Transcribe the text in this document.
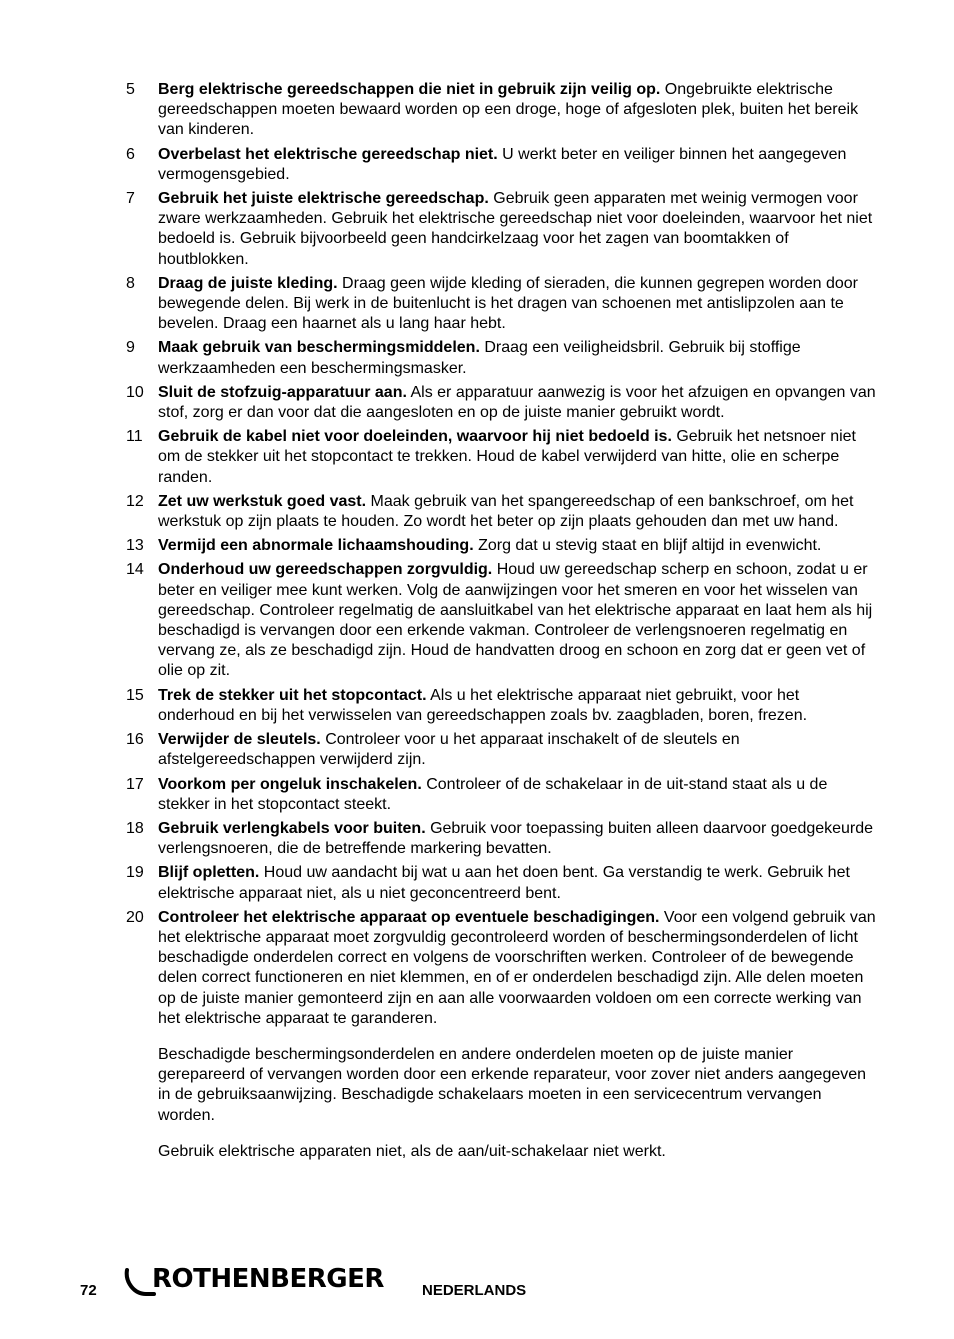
5	Berg elektrische gereedschappen die niet in gebruik zijn veilig op. Ongebruikte elektrische gereedschappen moeten bewaard worden op een droge, hoge of afgesloten plek, buiten het bereik van kinderen.
6	Overbelast het elektrische gereedschap niet. U werkt beter en veiliger binnen het aangegeven vermogensgebied.
7	Gebruik het juiste elektrische gereedschap. Gebruik geen apparaten met weinig vermogen voor zware werkzaamheden. Gebruik het elektrische gereedschap niet voor doeleinden, waarvoor het niet bedoeld is. Gebruik bijvoorbeeld geen handcirkelzaag voor het zagen van boomtakken of houtblokken.
8	Draag de juiste kleding. Draag geen wijde kleding of sieraden, die kunnen gegrepen worden door bewegende delen. Bij werk in de buitenlucht is het dragen van schoenen met antislipzolen aan te bevelen. Draag een haarnet als u lang haar hebt.
9	Maak gebruik van beschermingsmiddelen. Draag een veiligheidsbril. Gebruik bij stoffige werkzaamheden een beschermingsmasker.
10 Sluit de stofzuig-apparatuur aan. Als er apparatuur aanwezig is voor het afzuigen en opvangen van stof, zorg er dan voor dat die aangesloten en op de juiste manier gebruikt wordt.
11 Gebruik de kabel niet voor doeleinden, waarvoor hij niet bedoeld is. Gebruik het netsnoer niet om de stekker uit het stopcontact te trekken. Houd de kabel verwijderd van hitte, olie en scherpe randen.
12 Zet uw werkstuk goed vast. Maak gebruik van het spangereedschap of een bankschroef, om het werkstuk op zijn plaats te houden. Zo wordt het beter op zijn plaats gehouden dan met uw hand.
13 Vermijd een abnormale lichaamshouding. Zorg dat u stevig staat en blijf altijd in evenwicht.
14 Onderhoud uw gereedschappen zorgvuldig. Houd uw gereedschap scherp en schoon, zodat u er beter en veiliger mee kunt werken. Volg de aanwijzingen voor het smeren en voor het wisselen van gereedschap. Controleer regelmatig de aansluitkabel van het elektrische apparaat en laat hem als hij beschadigd is vervangen door een erkende vakman. Controleer de verlengsnoeren regelmatig en vervang ze, als ze beschadigd zijn. Houd de handvatten droog en schoon en zorg dat er geen vet of olie op zit.
15 Trek de stekker uit het stopcontact. Als u het elektrische apparaat niet gebruikt, voor het onderhoud en bij het verwisselen van gereedschappen zoals bv. zaagbladen, boren, frezen.
16 Verwijder de sleutels. Controleer voor u het apparaat inschakelt of de sleutels en afstelgereedschappen verwijderd zijn.
17 Voorkom per ongeluk inschakelen. Controleer of de schakelaar in de uit-stand staat als u de stekker in het stopcontact steekt.
18 Gebruik verlengkabels voor buiten. Gebruik voor toepassing buiten alleen daarvoor goedgekeurde verlengsnoeren, die de betreffende markering bevatten.
19 Blijf opletten. Houd uw aandacht bij wat u aan het doen bent. Ga verstandig te werk. Gebruik het elektrische apparaat niet, als u niet geconcentreerd bent.
20 Controleer het elektrische apparaat op eventuele beschadigingen. Voor een volgend gebruik van het elektrische apparaat moet zorgvuldig gecontroleerd worden of beschermingsonderdelen of licht beschadigde onderdelen correct en volgens de voorschriften werken. Controleer of de bewegende delen correct functioneren en niet klemmen, en of er onderdelen beschadigd zijn. Alle delen moeten op de juiste manier gemonteerd zijn en aan alle voorwaarden voldoen om een correcte werking van het elektrische apparaat te garanderen.

Beschadigde beschermingsonderdelen en andere onderdelen moeten op de juiste manier gerepareerd of vervangen worden door een erkende reparateur, voor zover niet anders aangegeven in de gebruiksaanwijzing. Beschadigde schakelaars moeten in een servicecentrum vervangen worden.

Gebruik elektrische apparaten niet, als de aan/uit-schakelaar niet werkt.

72 ROTHENBERGER	NEDERLANDS
